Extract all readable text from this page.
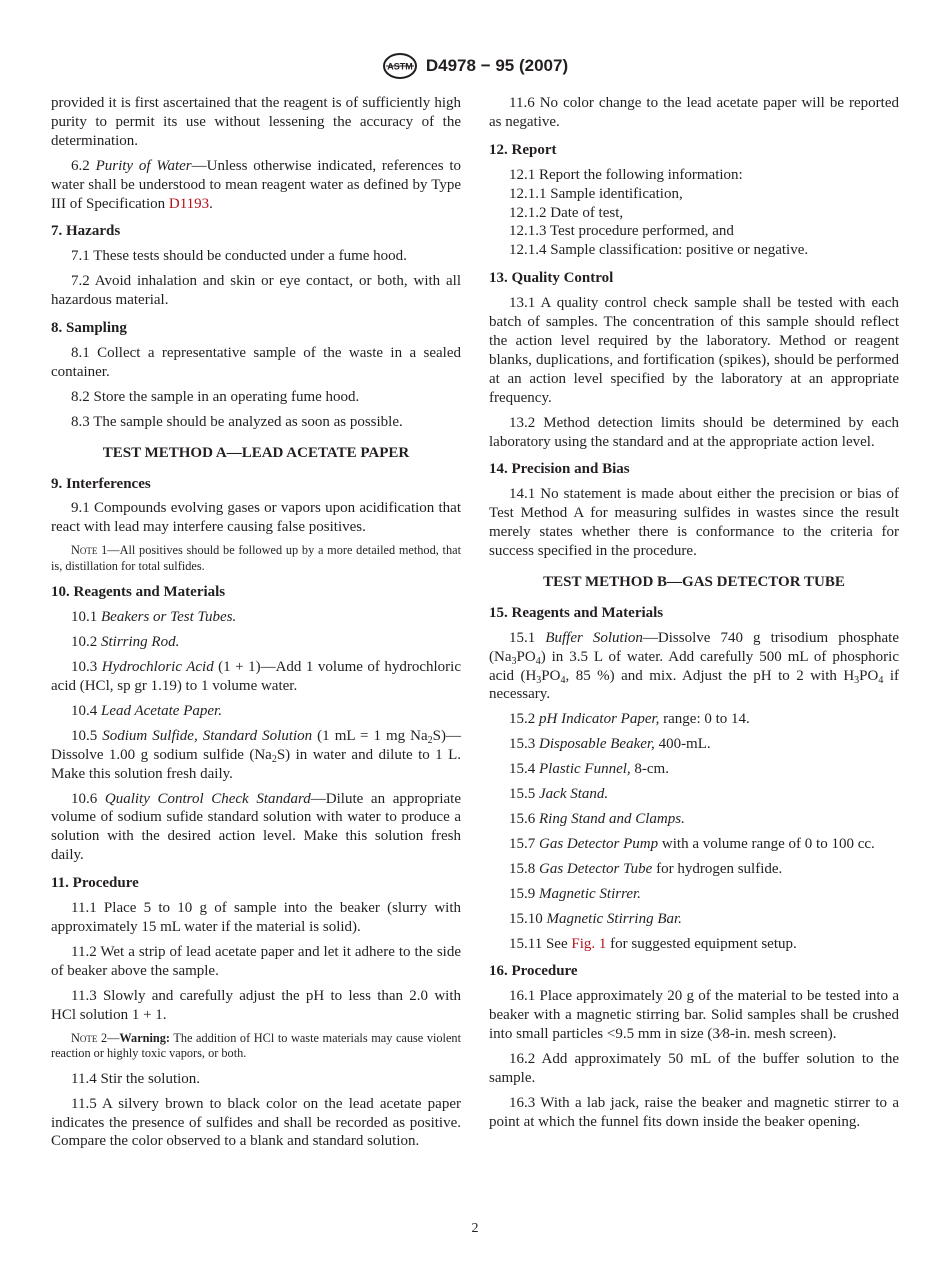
ASTM D4978 − 95 (2007)

provided it is first ascertained that the reagent is of sufficiently high purity to permit its use without lessening the accuracy of the determination.

6.2 Purity of Water—Unless otherwise indicated, references to water shall be understood to mean reagent water as defined by Type III of Specification D1193.

7. Hazards

7.1 These tests should be conducted under a fume hood.

7.2 Avoid inhalation and skin or eye contact, or both, with all hazardous material.

8. Sampling

8.1 Collect a representative sample of the waste in a sealed container.

8.2 Store the sample in an operating fume hood.

8.3 The sample should be analyzed as soon as possible.

TEST METHOD A—LEAD ACETATE PAPER

9. Interferences

9.1 Compounds evolving gases or vapors upon acidification that react with lead may interfere causing false positives.

Note 1—All positives should be followed up by a more detailed method, that is, distillation for total sulfides.

10. Reagents and Materials

10.1 Beakers or Test Tubes.

10.2 Stirring Rod.

10.3 Hydrochloric Acid (1 + 1)—Add 1 volume of hydrochloric acid (HCl, sp gr 1.19) to 1 volume water.

10.4 Lead Acetate Paper.

10.5 Sodium Sulfide, Standard Solution (1 mL = 1 mg $Na_2S)—Dissolve$ 1.00 g sodium sulfide $(Na_2S)$ in water and dilute to 1 L. Make this solution fresh daily.

10.6 Quality Control Check Standard—Dilute an appropriate volume of sodium sufide standard solution with water to produce a solution with the desired action level. Make this solution fresh daily.

11. Procedure

11.1 Place 5 to 10 g of sample into the beaker (slurry with approximately 15 mL water if the material is solid).

11.2 Wet a strip of lead acetate paper and let it adhere to the side of beaker above the sample.

11.3 Slowly and carefully adjust the pH to less than 2.0 with HCl solution 1 + 1.

Note 2—Warning: The addition of HCl to waste materials may cause violent reaction or highly toxic vapors, or both.

11.4 Stir the solution.

11.5 A silvery brown to black color on the lead acetate paper indicates the presence of sulfides and shall be recorded as positive. Compare the color observed to a blank and standard solution.

11.6 No color change to the lead acetate paper will be reported as negative.

12. Report

12.1 Report the following information:

12.1.1 Sample identification,

12.1.2 Date of test,

12.1.3 Test procedure performed, and

12.1.4 Sample classification: positive or negative.

13. Quality Control

13.1 A quality control check sample shall be tested with each batch of samples. The concentration of this sample should reflect the action level required by the laboratory. Method or reagent blanks, duplications, and fortification (spikes), should be performed at an action level specified by the laboratory at an appropriate frequency.

13.2 Method detection limits should be determined by each laboratory using the standard and at the appropriate action level.

14. Precision and Bias

14.1 No statement is made about either the precision or bias of Test Method A for measuring sulfides in wastes since the result merely states whether there is conformance to the criteria for success specified in the procedure.

TEST METHOD B—GAS DETECTOR TUBE

15. Reagents and Materials

15.1 Buffer Solution—Dissolve 740 g trisodium phosphate $(Na_3PO_4)$ in 3.5 L of water. Add carefully 500 mL of phosphoric acid ($H_3PO_4$, 85 %) and mix. Adjust the pH to 2 with $H_3PO_4$ if necessary.

15.2 pH Indicator Paper, range: 0 to 14.

15.3 Disposable Beaker, 400-mL.

15.4 Plastic Funnel, 8-cm.

15.5 Jack Stand.

15.6 Ring Stand and Clamps.

15.7 Gas Detector Pump with a volume range of 0 to 100 cc.

15.8 Gas Detector Tube for hydrogen sulfide.

15.9 Magnetic Stirrer.

15.10 Magnetic Stirring Bar.

15.11 See Fig. 1 for suggested equipment setup.

16. Procedure

16.1 Place approximately 20 g of the material to be tested into a beaker with a magnetic stirring bar. Solid samples shall be crushed into small particles <9.5 mm in size (3⁄8-in. mesh screen).

16.2 Add approximately 50 mL of the buffer solution to the sample.

16.3 With a lab jack, raise the beaker and magnetic stirrer to a point at which the funnel fits down inside the beaker opening.

2
